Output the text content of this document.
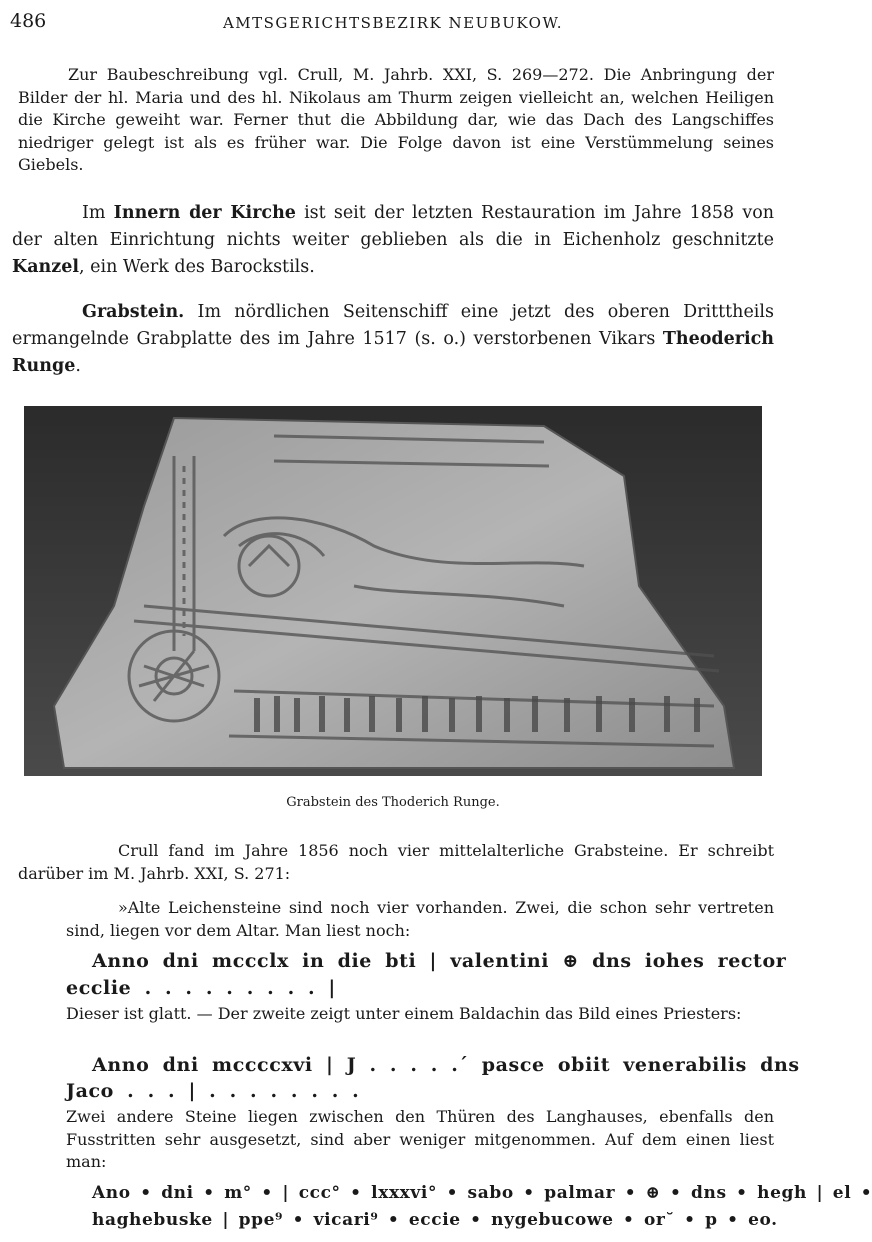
486	AMTSGERICHTSBEZIRK NEUBUKOW.

Zur Baubeschreibung vgl. Crull, M. Jahrb. XXI, S. 269—272. Die Anbringung der Bilder der hl. Maria und des hl. Nikolaus am Thurm zeigen vielleicht an, welchen Heiligen die Kirche geweiht war. Ferner thut die Abbildung dar, wie das Dach des Langschiffes niedriger gelegt ist als es früher war. Die Folge davon ist eine Verstümmelung seines Giebels.

Im Innern der Kirche ist seit der letzten Restauration im Jahre 1858 von der alten Einrichtung nichts weiter geblieben als die in Eichenholz geschnitzte Kanzel, ein Werk des Barockstils.

Grabstein. Im nördlichen Seitenschiff eine jetzt des oberen Dritttheils ermangelnde Grabplatte des im Jahre 1517 (s. o.) verstorbenen Vikars Theoderich Runge.

Grabstein des Thoderich Runge.

Crull fand im Jahre 1856 noch vier mittelalterliche Grabsteine. Er schreibt darüber im M. Jahrb. XXI, S. 271:

»Alte Leichensteine sind noch vier vorhanden. Zwei, die schon sehr vertreten sind, liegen vor dem Altar. Man liest noch:

Anno dni mccclx in die bti | valentini ⊕ dns iohes rector
ecclie . . . . . . . . . |

Dieser ist glatt. — Der zweite zeigt unter einem Baldachin das Bild eines Priesters:

Anno dni mccccxvi | J . . . . .´ pasce obiit venerabilis dns
Jaco . . . | . . . . . . . .

Zwei andere Steine liegen zwischen den Thüren des Langhauses, ebenfalls den Fusstritten sehr ausgesetzt, sind aber weniger mitgenommen. Auf dem einen liest man:

Ano • dni • m° • | ccc° • lxxxvi° • sabo • palmar • ⊕ • dns • hegh | el •
haghebuske | ppe⁹ • vicari⁹ • eccie • nygebucowe • or˘ • p • eo.
